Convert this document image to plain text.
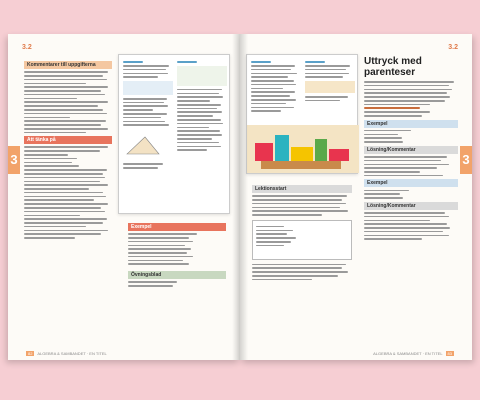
3.2
3
Kommentarer till uppgifterna
Att tänka på
Exempel
Övningsblad
82 ALGEBRA & SAMBANDET · EN TITEL
3.2
3
Lektionsstart
Uttryck med parenteser
Exempel
Lösning/Kommentar
Exempel
Lösning/Kommentar
ALGEBRA & SAMBANDET · EN TITEL 83
